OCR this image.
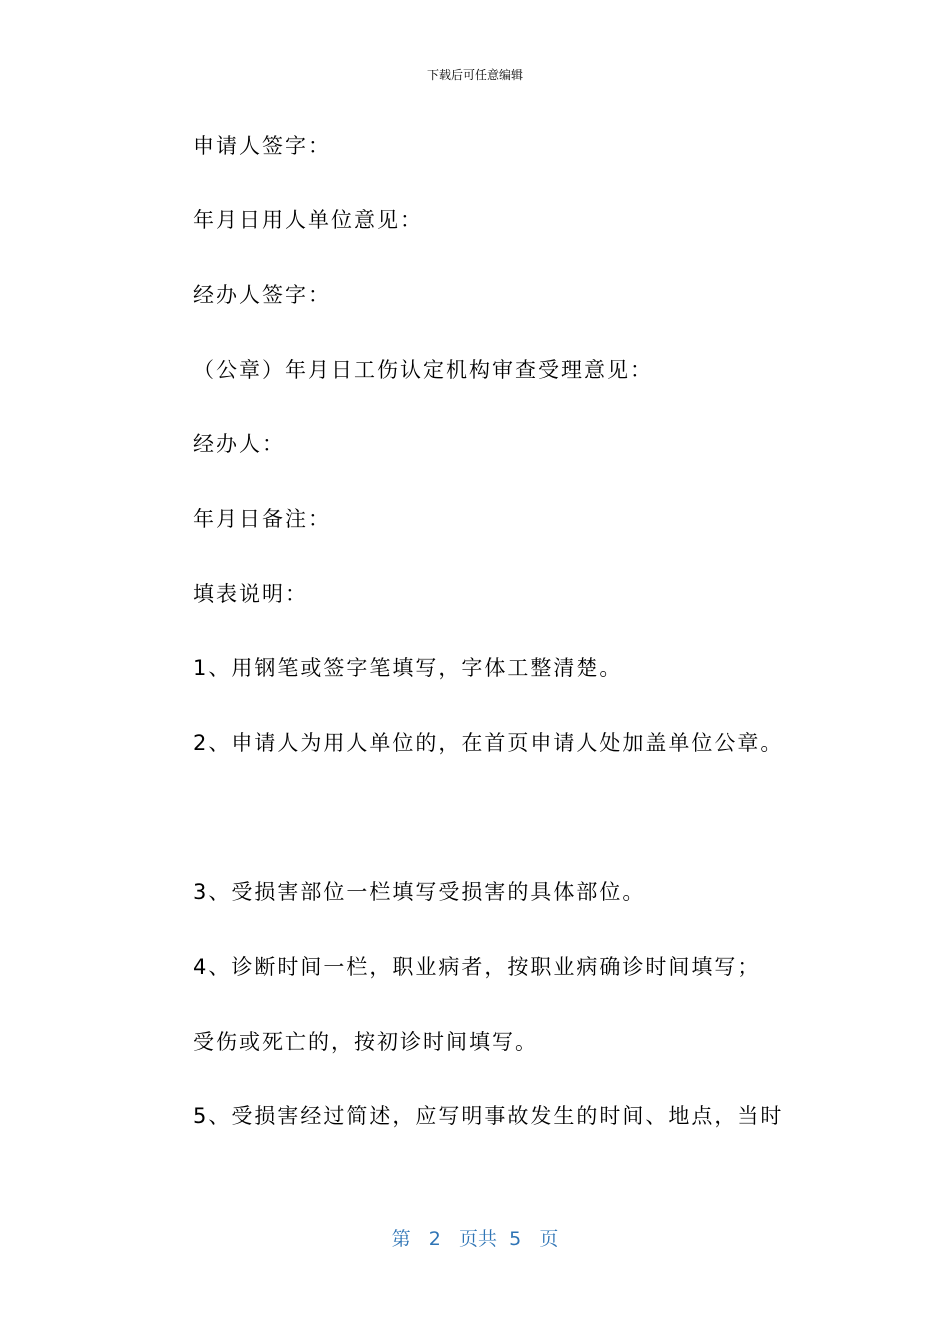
下载后可任意编辑
申请人签字：
年月日用人单位意见：
经办人签字：
（公章）年月日工伤认定机构审查受理意见：
经办人：
年月日备注：
填表说明：
1、用钢笔或签字笔填写，字体工整清楚。
2、申请人为用人单位的，在首页申请人处加盖单位公章。
3、受损害部位一栏填写受损害的具体部位。
4、诊断时间一栏，职业病者，按职业病确诊时间填写；
受伤或死亡的，按初诊时间填写。
5、受损害经过简述，应写明事故发生的时间、地点，当时
第 2 页共 5 页
